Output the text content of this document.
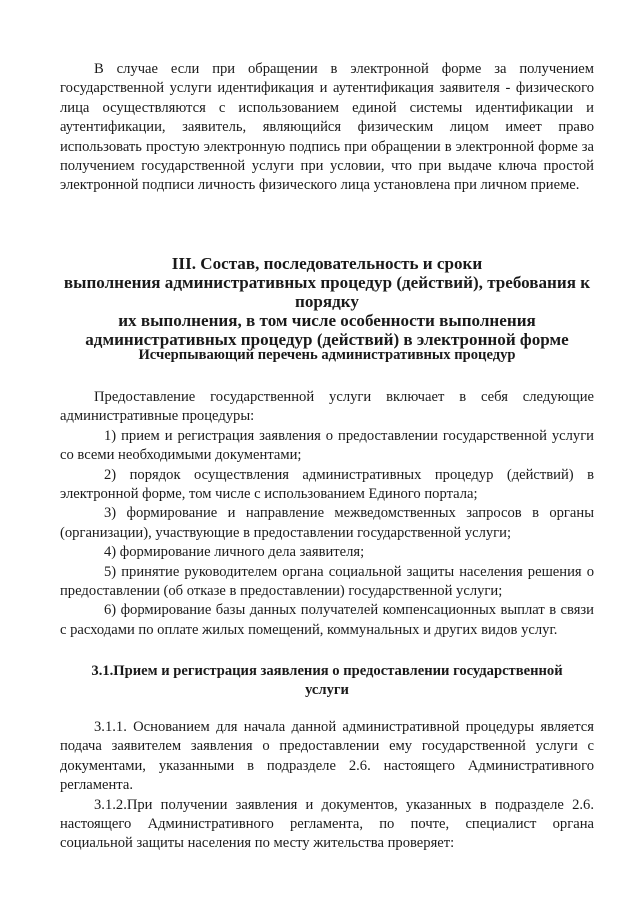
В случае если при обращении в электронной форме за получением государственной услуги идентификация и аутентификация заявителя - физического лица осуществляются с использованием единой системы идентификации и аутентификации, заявитель, являющийся физическим лицом имеет право использовать простую электронную подпись при обращении в электронной форме за получением государственной услуги при условии, что при выдаче ключа простой электронной подписи личность физического лица установлена при личном приеме.

III. Состав, последовательность и сроки
выполнения административных процедур (действий), требования к порядку
их выполнения, в том числе особенности выполнения
административных процедур (действий) в электронной форме
Исчерпывающий перечень административных процедур

Предоставление государственной услуги включает в себя следующие административные процедуры:

1) прием и регистрация заявления о предоставлении государственной услуги со всеми необходимыми документами;

2) порядок осуществления административных процедур (действий) в электронной форме, том числе с использованием Единого портала;

3) формирование и направление межведомственных запросов в органы (организации), участвующие в предоставлении государственной услуги;

4) формирование личного дела заявителя;

5) принятие руководителем органа социальной защиты населения решения о предоставлении (об отказе в предоставлении) государственной услуги;

6) формирование базы данных получателей компенсационных выплат в связи с расходами по оплате жилых помещений, коммунальных и других видов услуг.

3.1.Прием и регистрация заявления о предоставлении государственной
услуги

3.1.1. Основанием для начала данной административной процедуры является подача заявителем заявления о предоставлении ему государственной услуги с документами, указанными в подразделе 2.6. настоящего Административного регламента.

3.1.2.При получении заявления и документов, указанных в подразделе 2.6. настоящего Административного регламента, по почте, специалист органа социальной защиты населения по месту жительства проверяет:
